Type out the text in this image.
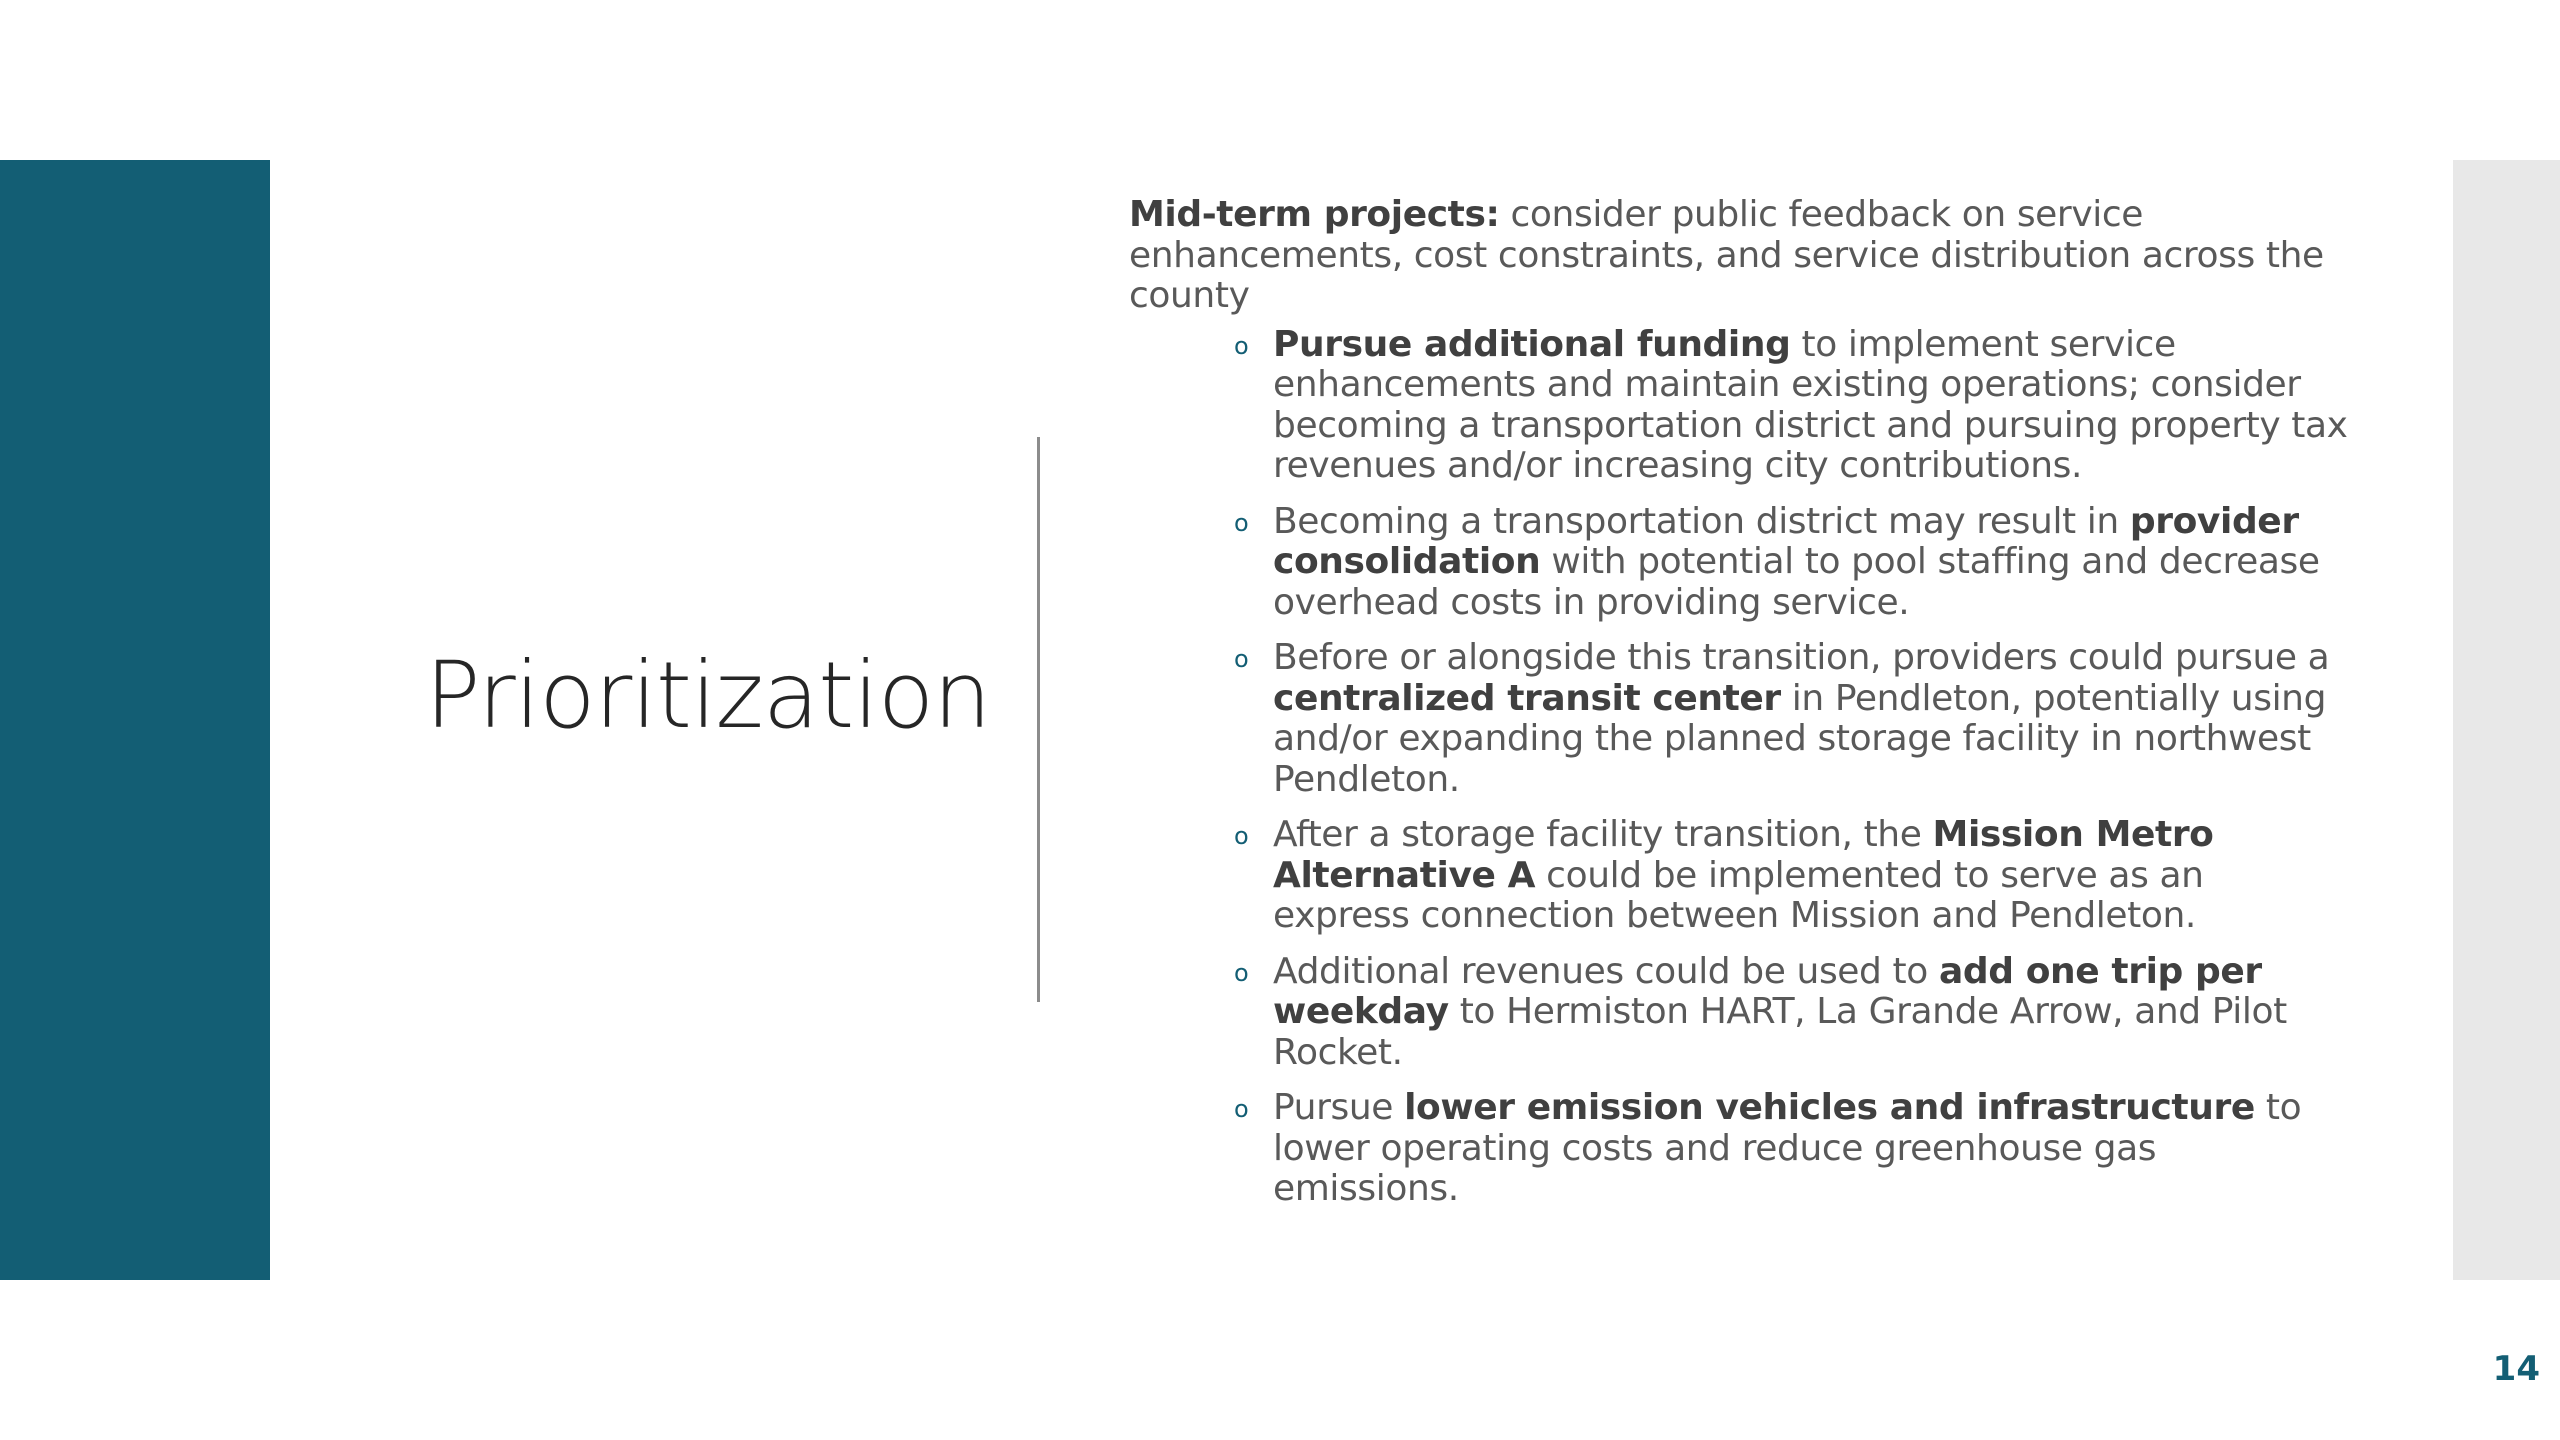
Prioritization

Mid-term projects: consider public feedback on service enhancements, cost constraints, and service distribution across the county

o Pursue additional funding to implement service enhancements and maintain existing operations; consider becoming a transportation district and pursuing property tax revenues and/or increasing city contributions.
o Becoming a transportation district may result in provider consolidation with potential to pool staffing and decrease overhead costs in providing service.
o Before or alongside this transition, providers could pursue a centralized transit center in Pendleton, potentially using and/or expanding the planned storage facility in northwest Pendleton.
o After a storage facility transition, the Mission Metro Alternative A could be implemented to serve as an express connection between Mission and Pendleton.
o Additional revenues could be used to add one trip per weekday to Hermiston HART, La Grande Arrow, and Pilot Rocket.
o Pursue lower emission vehicles and infrastructure to lower operating costs and reduce greenhouse gas emissions.
14
